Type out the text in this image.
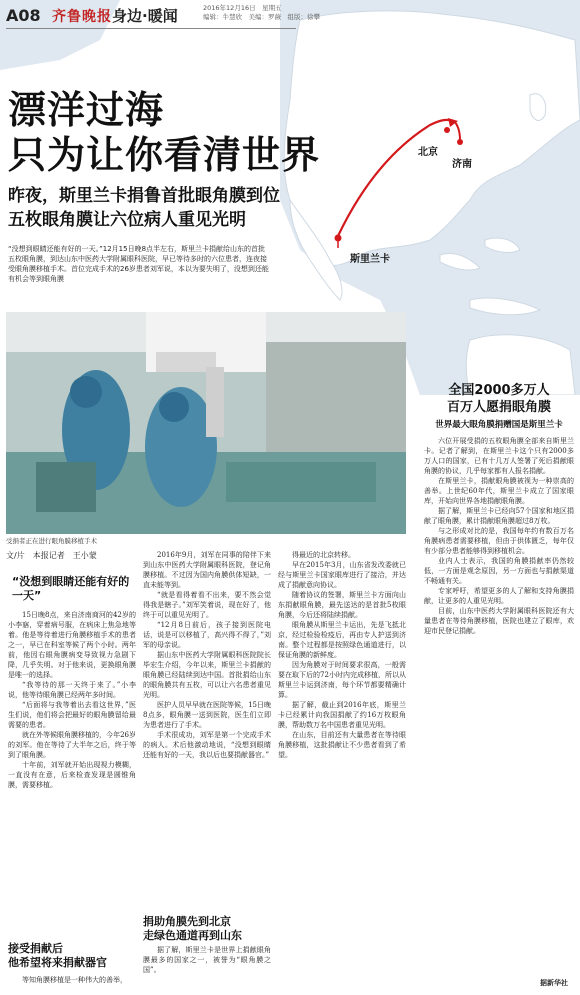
A08 齐鲁晚报 身边·暖闻	2016年12月16日　星期五
编辑：牛慧欣　美编：罗薇　组版：徐攀
北京
济南
斯里兰卡
漂洋过海
只为让你看清世界
昨夜，斯里兰卡捐鲁首批眼角膜到位
五枚眼角膜让六位病人重见光明
“没想到眼睛还能有好的一天。”12月15日晚8点半左右，斯里兰卡捐献给山东的首批五枚眼角膜，到达山东中医药大学附属眼科医院，早已等待多时的六位患者，连夜接受眼角膜移植手术。首位完成手术的26岁患者刘军说，本以为要失明了，没想到还能有机会等到眼角膜
受捐者正在进行眼角膜移植手术
全国2000多万人
百万人愿捐眼角膜
世界最大眼角膜捐赠国是斯里兰卡
文/片　本报记者　王小蒙
“没想到眼睛还能有好的一天”

15日晚8点，来自济南商河的42岁的小李寤，穿着病号服，在病床上焦急地等着。他是等待着进行角膜移植手术的患者之一，早已在科室等候了两个小时。两年前，他因右眼角膜病变导致视力急剧下降，几乎失明。对于他来说，更换眼角膜是唯一的选择。

“我等待的那一天终于来了。”小李说，他等待眼角膜已经两年多时间。

“后面将与我等着出去看这世界，”医生们说，他们将会把最好的眼角膜留给最需要的患者。

就在外等候眼角膜移植的，今年26岁的刘军。他在等待了大半年之后，终于等到了眼角膜。

十年前，刘军就开始出现视力模糊，一直没有在意，后来检查发现是圆锥角膜，需要移植。

接受捐献后
他希望将来捐献器官

等知角膜移植是一种伟大的善举，

2016年9月，刘军在同事的陪伴下来到山东中医药大学附属眼科医院，登记角膜移植。不过因为国内角膜供体短缺，一直未能等到。

“就是看得着看不出来，要不然会觉得我是瞎子。”刘军笑着说，现在好了，他终于可以重见光明了。

“12月8日前后，孩子接到医院电话，说是可以移植了，高兴得不得了，”刘军的母亲说。

据山东中医药大学附属眼科医院院长毕宏生介绍，今年以来，斯里兰卡捐献的眼角膜已经陆续到达中国。首批捐给山东的眼角膜共有五枚，可以让六名患者重见光明。

医护人员早早就在医院等候，15日晚8点多，眼角膜一送到医院，医生们立即为患者进行了手术。

手术很成功，刘军是第一个完成手术的病人。术后他激动地说，“没想到眼睛还能有好的一天，我以后也要捐献器官。”

捐助角膜先到北京
走绿色通道再到山东

据了解，斯里兰卡是世界上捐献眼角膜最多的国家之一，被誉为“眼角膜之国”。

得最近的北京转移。

早在2015年3月，山东省发改委就已经与斯里兰卡国家眼库进行了接洽，并达成了捐献意向协议。

随着协议的签署，斯里兰卡方面向山东捐献眼角膜，最先送达的是首批5枚眼角膜，今后还将陆续捐献。

眼角膜从斯里兰卡运出，先是飞抵北京，经过检验检疫后，再由专人护送到济南。整个过程都是按照绿色通道进行，以保证角膜的新鲜度。

因为角膜对于时间要求很高，一般需要在取下后的72小时内完成移植，所以从斯里兰卡运到济南，每个环节都要精确计算。

据了解，截止到2016年底，斯里兰卡已经累计向我国捐献了约16万枚眼角膜，帮助数万名中国患者重见光明。

在山东，目前还有大量患者在等待眼角膜移植，这批捐献让不少患者看到了希望。

六位开展受捐的五枚眼角膜全部来自斯里兰卡。记者了解到，在斯里兰卡这个只有2000多万人口的国家，已有十几万人签署了死后捐献眼角膜的协议，几乎每家都有人报名捐献。

在斯里兰卡，捐献眼角膜被视为一种崇高的善举。上世纪60年代，斯里兰卡成立了国家眼库，开始向世界各地捐献眼角膜。

据了解，斯里兰卡已经向57个国家和地区捐献了眼角膜，累计捐献眼角膜超过8万枚。

与之形成对比的是，我国每年约有数百万名角膜病患者需要移植，但由于供体匮乏，每年仅有少部分患者能够得到移植机会。

业内人士表示，我国的角膜捐献率仍然较低，一方面是观念原因，另一方面也与捐献渠道不畅通有关。

专家呼吁，希望更多的人了解和支持角膜捐献，让更多的人重见光明。

目前，山东中医药大学附属眼科医院还有大量患者在等待角膜移植，医院也建立了眼库，欢迎市民登记捐献。

据新华社
